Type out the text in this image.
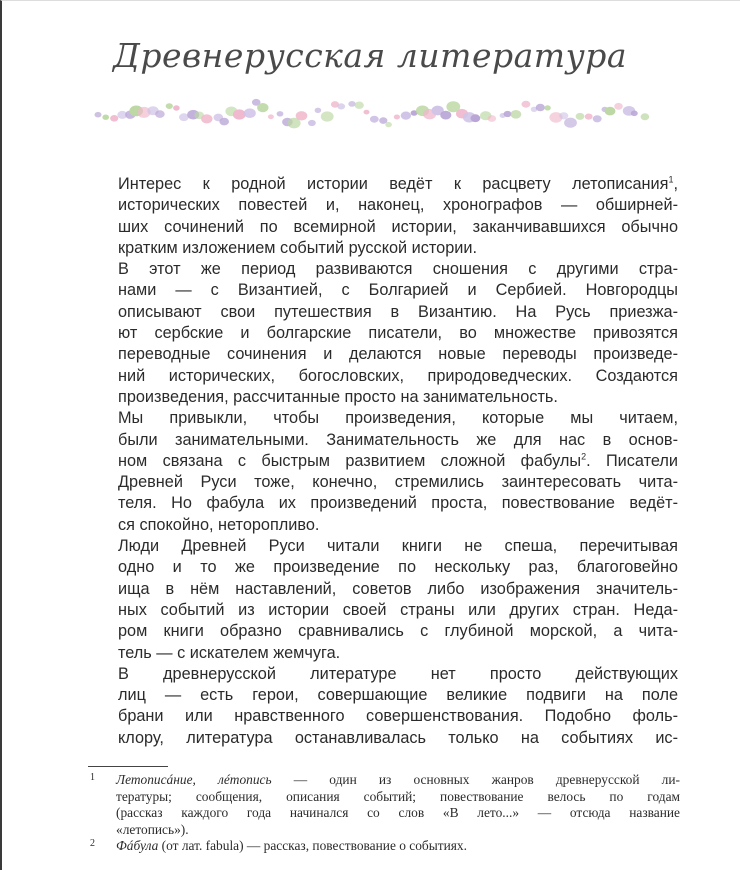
Древнерусская литература
Интерес к родной истории ведёт к расцвету летописания$^1$,
исторических повестей и, наконец, хронографов — обширней-
ших сочинений по всемирной истории, заканчивавшихся обычно
кратким изложением событий русской истории.
В этот же период развиваются сношения с другими стра-
нами — с Византией, с Болгарией и Сербией. Новгородцы
описывают свои путешествия в Византию. На Русь приезжа-
ют сербские и болгарские писатели, во множестве привозятся
переводные сочинения и делаются новые переводы произведе-
ний исторических, богословских, природоведческих. Создаются
произведения, рассчитанные просто на занимательность.
Мы привыкли, чтобы произведения, которые мы читаем,
были занимательными. Занимательность же для нас в основ-
ном связана с быстрым развитием сложной фабулы$^2$. Писатели
Древней Руси тоже, конечно, стремились заинтересовать чита-
теля. Но фабула их произведений проста, повествование ведёт-
ся спокойно, неторопливо.
Люди Древней Руси читали книги не спеша, перечитывая
одно и то же произведение по нескольку раз, благоговейно
ища в нём наставлений, советов либо изображения значитель-
ных событий из истории своей страны или других стран. Неда-
ром книги образно сравнивались с глубиной морской, а чита-
тель — с искателем жемчуга.
В древнерусской литературе нет просто действующих
лиц — есть герои, совершающие великие подвиги на поле
брани или нравственного совершенствования. Подобно фоль-
клору, литература останавливалась только на событиях ис-
1 Летописáние, лéтопись — один из основных жанров древнерусской ли-
тературы; сообщения, описания событий; повествование велось по годам
(рассказ каждого года начинался со слов «В лето...» — отсюда название
«летопись»).
2 Фáбула (от лат. fabula) — рассказ, повествование о событиях.
